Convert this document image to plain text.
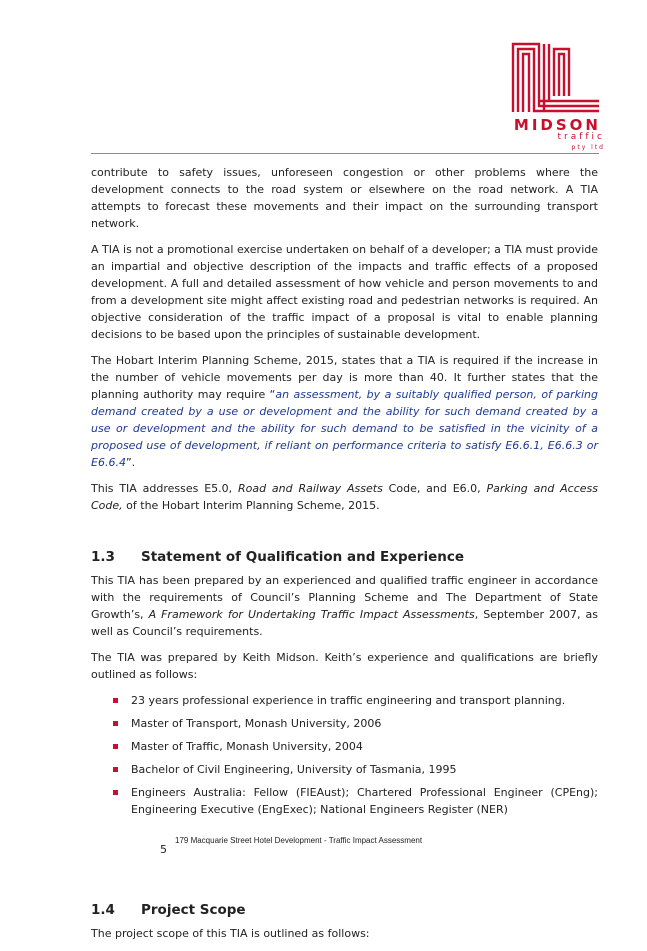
MIDSON
traffic
pty ltd

contribute to safety issues, unforeseen congestion or other problems where the development connects to the road system or elsewhere on the road network. A TIA attempts to forecast these movements and their impact on the surrounding transport network.

A TIA is not a promotional exercise undertaken on behalf of a developer; a TIA must provide an impartial and objective description of the impacts and traffic effects of a proposed development. A full and detailed assessment of how vehicle and person movements to and from a development site might affect existing road and pedestrian networks is required. An objective consideration of the traffic impact of a proposal is vital to enable planning decisions to be based upon the principles of sustainable development.

The Hobart Interim Planning Scheme, 2015, states that a TIA is required if the increase in the number of vehicle movements per day is more than 40. It further states that the planning authority may require “an assessment, by a suitably qualified person, of parking demand created by a use or development and the ability for such demand created by a use or development and the ability for such demand to be satisfied in the vicinity of a proposed use of development, if reliant on performance criteria to satisfy E6.6.1, E6.6.3 or E6.6.4”.

This TIA addresses E5.0, Road and Railway Assets Code, and E6.0, Parking and Access Code, of the Hobart Interim Planning Scheme, 2015.

1.3	Statement of Qualification and Experience

This TIA has been prepared by an experienced and qualified traffic engineer in accordance with the requirements of Council’s Planning Scheme and The Department of State Growth’s, A Framework for Undertaking Traffic Impact Assessments, September 2007, as well as Council’s requirements.

The TIA was prepared by Keith Midson. Keith’s experience and qualifications are briefly outlined as follows:

23 years professional experience in traffic engineering and transport planning.
Master of Transport, Monash University, 2006
Master of Traffic, Monash University, 2004
Bachelor of Civil Engineering, University of Tasmania, 1995
Engineers Australia: Fellow (FIEAust); Chartered Professional Engineer (CPEng); Engineering Executive (EngExec); National Engineers Register (NER)
1.4	Project Scope

The project scope of this TIA is outlined as follows:

5
179 Macquarie Street Hotel Development - Traffic Impact Assessment
